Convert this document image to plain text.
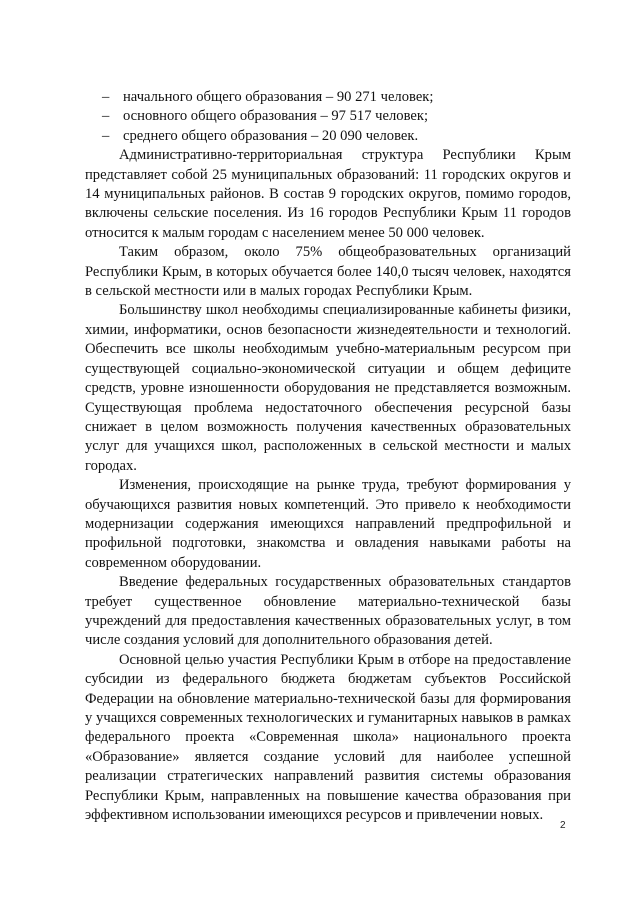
– начального общего образования – 90 271 человек;
– основного общего образования – 97 517 человек;
– среднего общего образования – 20 090 человек.

Административно-территориальная структура Республики Крым представляет собой 25 муниципальных образований: 11 городских округов и 14 муниципальных районов. В состав 9 городских округов, помимо городов, включены сельские поселения. Из 16 городов Республики Крым 11 городов относится к малым городам с населением менее 50 000 человек.

Таким образом, около 75% общеобразовательных организаций Республики Крым, в которых обучается более 140,0 тысяч человек, находятся в сельской местности или в малых городах Республики Крым.

Большинству школ необходимы специализированные кабинеты физики, химии, информатики, основ безопасности жизнедеятельности и технологий. Обеспечить все школы необходимым учебно-материальным ресурсом при существующей социально-экономической ситуации и общем дефиците средств, уровне изношенности оборудования не представляется возможным. Существующая проблема недостаточного обеспечения ресурсной базы снижает в целом возможность получения качественных образовательных услуг для учащихся школ, расположенных в сельской местности и малых городах.

Изменения, происходящие на рынке труда, требуют формирования у обучающихся развития новых компетенций. Это привело к необходимости модернизации содержания имеющихся направлений предпрофильной и профильной подготовки, знакомства и овладения навыками работы на современном оборудовании.

Введение федеральных государственных образовательных стандартов требует существенное обновление материально-технической базы учреждений для предоставления качественных образовательных услуг, в том числе создания условий для дополнительного образования детей.

Основной целью участия Республики Крым в отборе на предоставление субсидии из федерального бюджета бюджетам субъектов Российской Федерации на обновление материально-технической базы для формирования у учащихся современных технологических и гуманитарных навыков в рамках федерального проекта «Современная школа» национального проекта «Образование» является создание условий для наиболее успешной реализации стратегических направлений развития системы образования Республики Крым, направленных на повышение качества образования при эффективном использовании имеющихся ресурсов и привлечении новых.

2
